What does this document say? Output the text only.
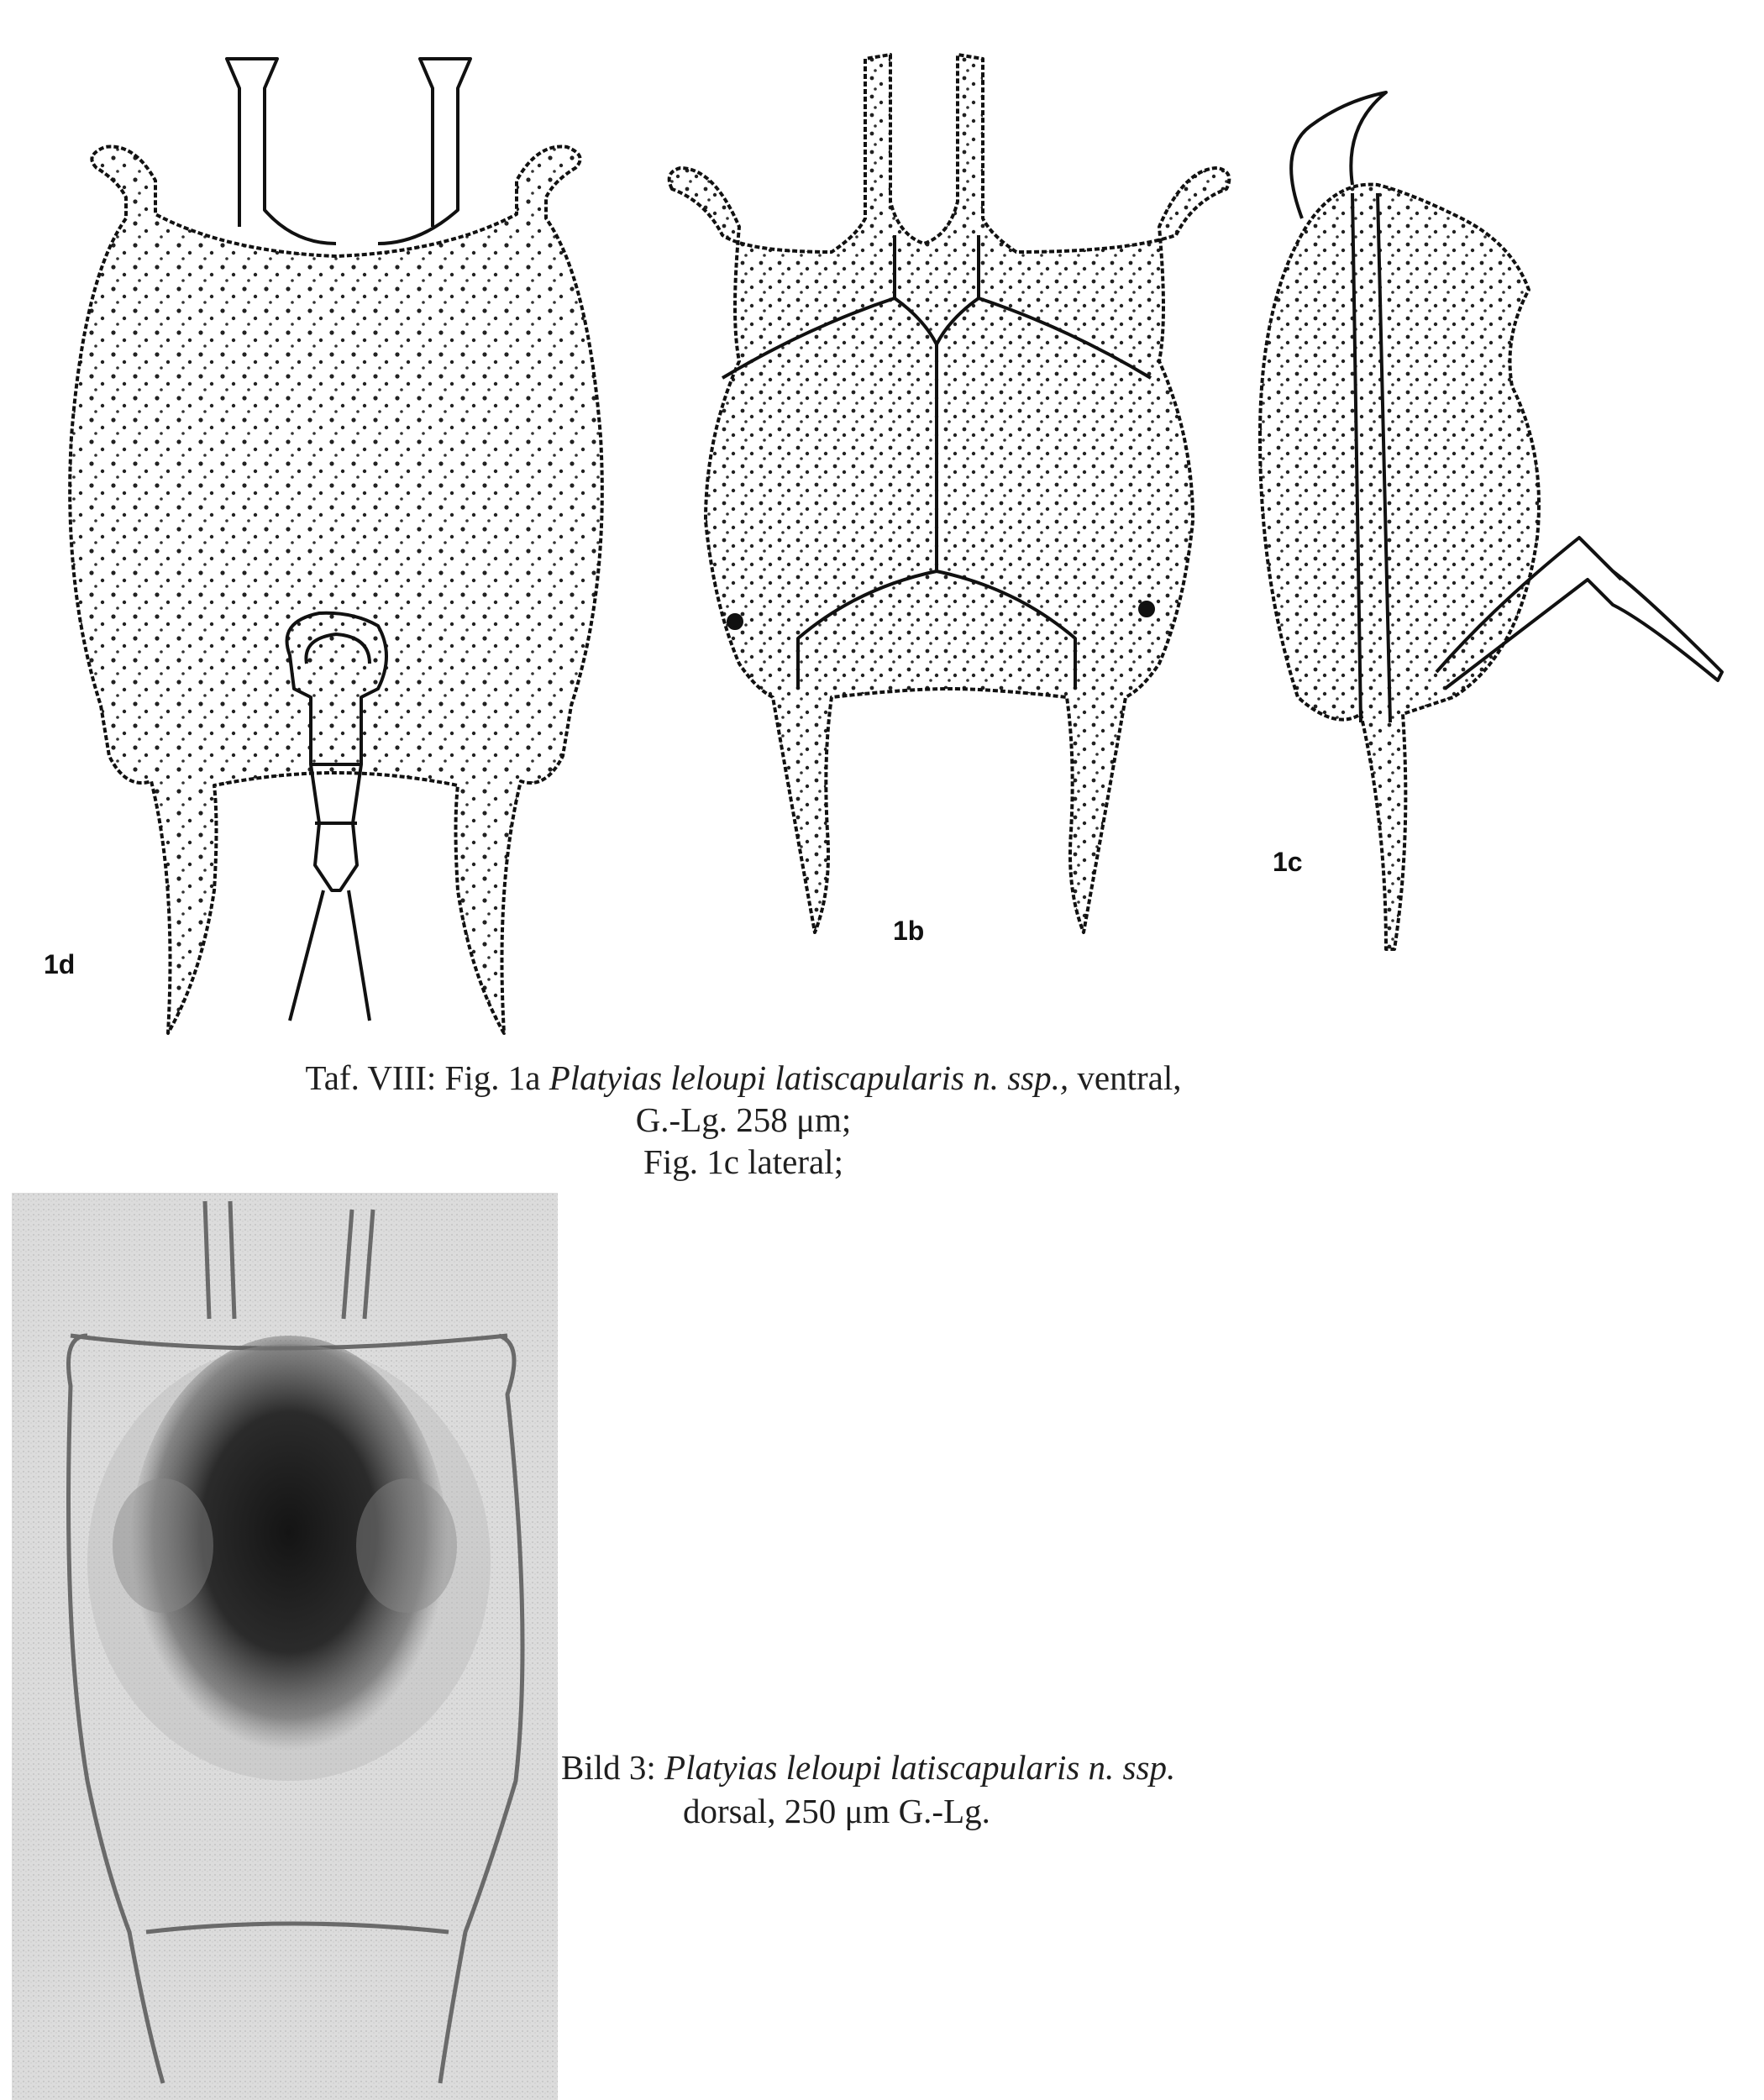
1d
1b
1c
Taf. VIII: Fig. 1a Platyias leloupi latiscapularis n. ssp., ventral,
G.-Lg. 258 μm;
Fig. 1c lateral;
Bild 3: Platyias leloupi latiscapularis n. ssp.
dorsal, 250 μm G.-Lg.
